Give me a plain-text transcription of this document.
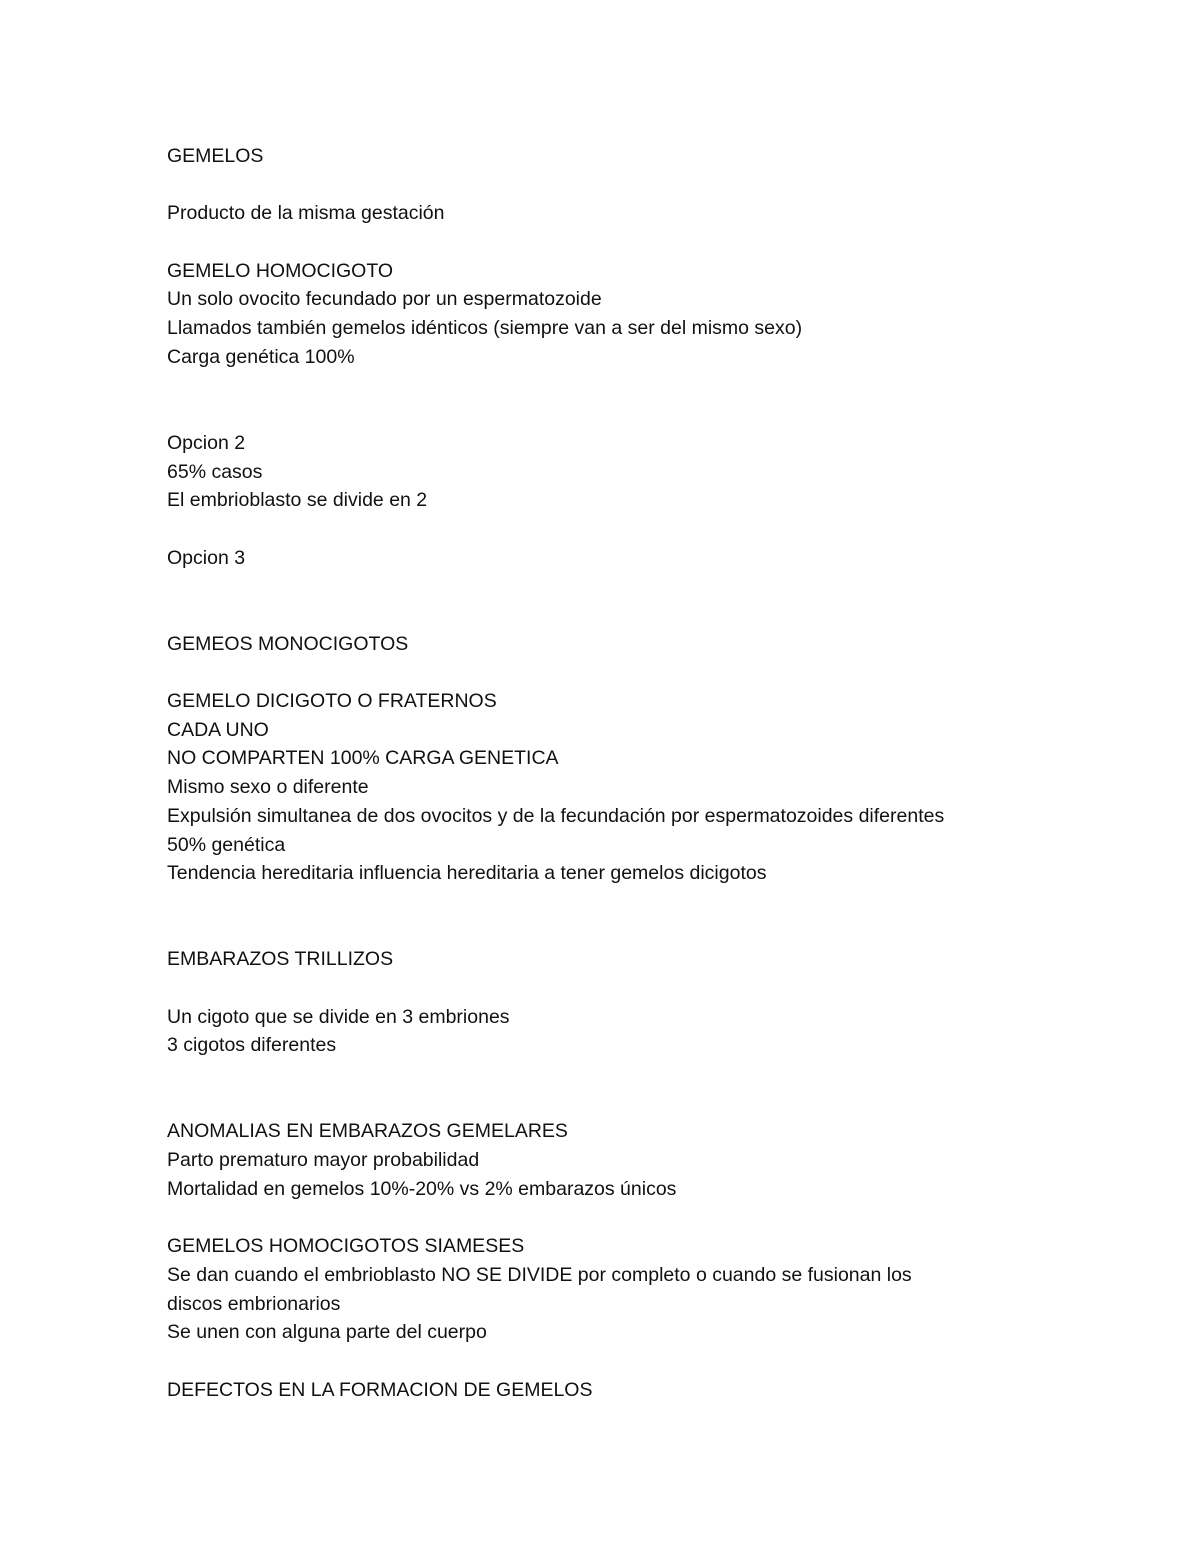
GEMELOS
Producto de la misma gestación
GEMELO HOMOCIGOTO
Un solo ovocito fecundado por un espermatozoide
Llamados también gemelos idénticos (siempre van a ser del mismo sexo)
Carga genética 100%
Opcion 2
65% casos
El embrioblasto se divide en 2
Opcion 3
GEMEOS MONOCIGOTOS
GEMELO DICIGOTO O FRATERNOS
CADA UNO
NO COMPARTEN 100% CARGA GENETICA
Mismo sexo o diferente
Expulsión simultanea de dos ovocitos y de la fecundación por espermatozoides diferentes
50% genética
Tendencia hereditaria influencia hereditaria a tener gemelos dicigotos
EMBARAZOS TRILLIZOS
Un cigoto que se divide en 3 embriones
3 cigotos diferentes
ANOMALIAS EN EMBARAZOS GEMELARES
Parto prematuro mayor probabilidad
Mortalidad en gemelos 10%-20% vs 2% embarazos únicos
GEMELOS HOMOCIGOTOS SIAMESES
Se dan cuando el embrioblasto NO SE DIVIDE por completo o cuando se fusionan los
discos embrionarios
Se unen con alguna parte del cuerpo
DEFECTOS EN LA FORMACION DE GEMELOS
